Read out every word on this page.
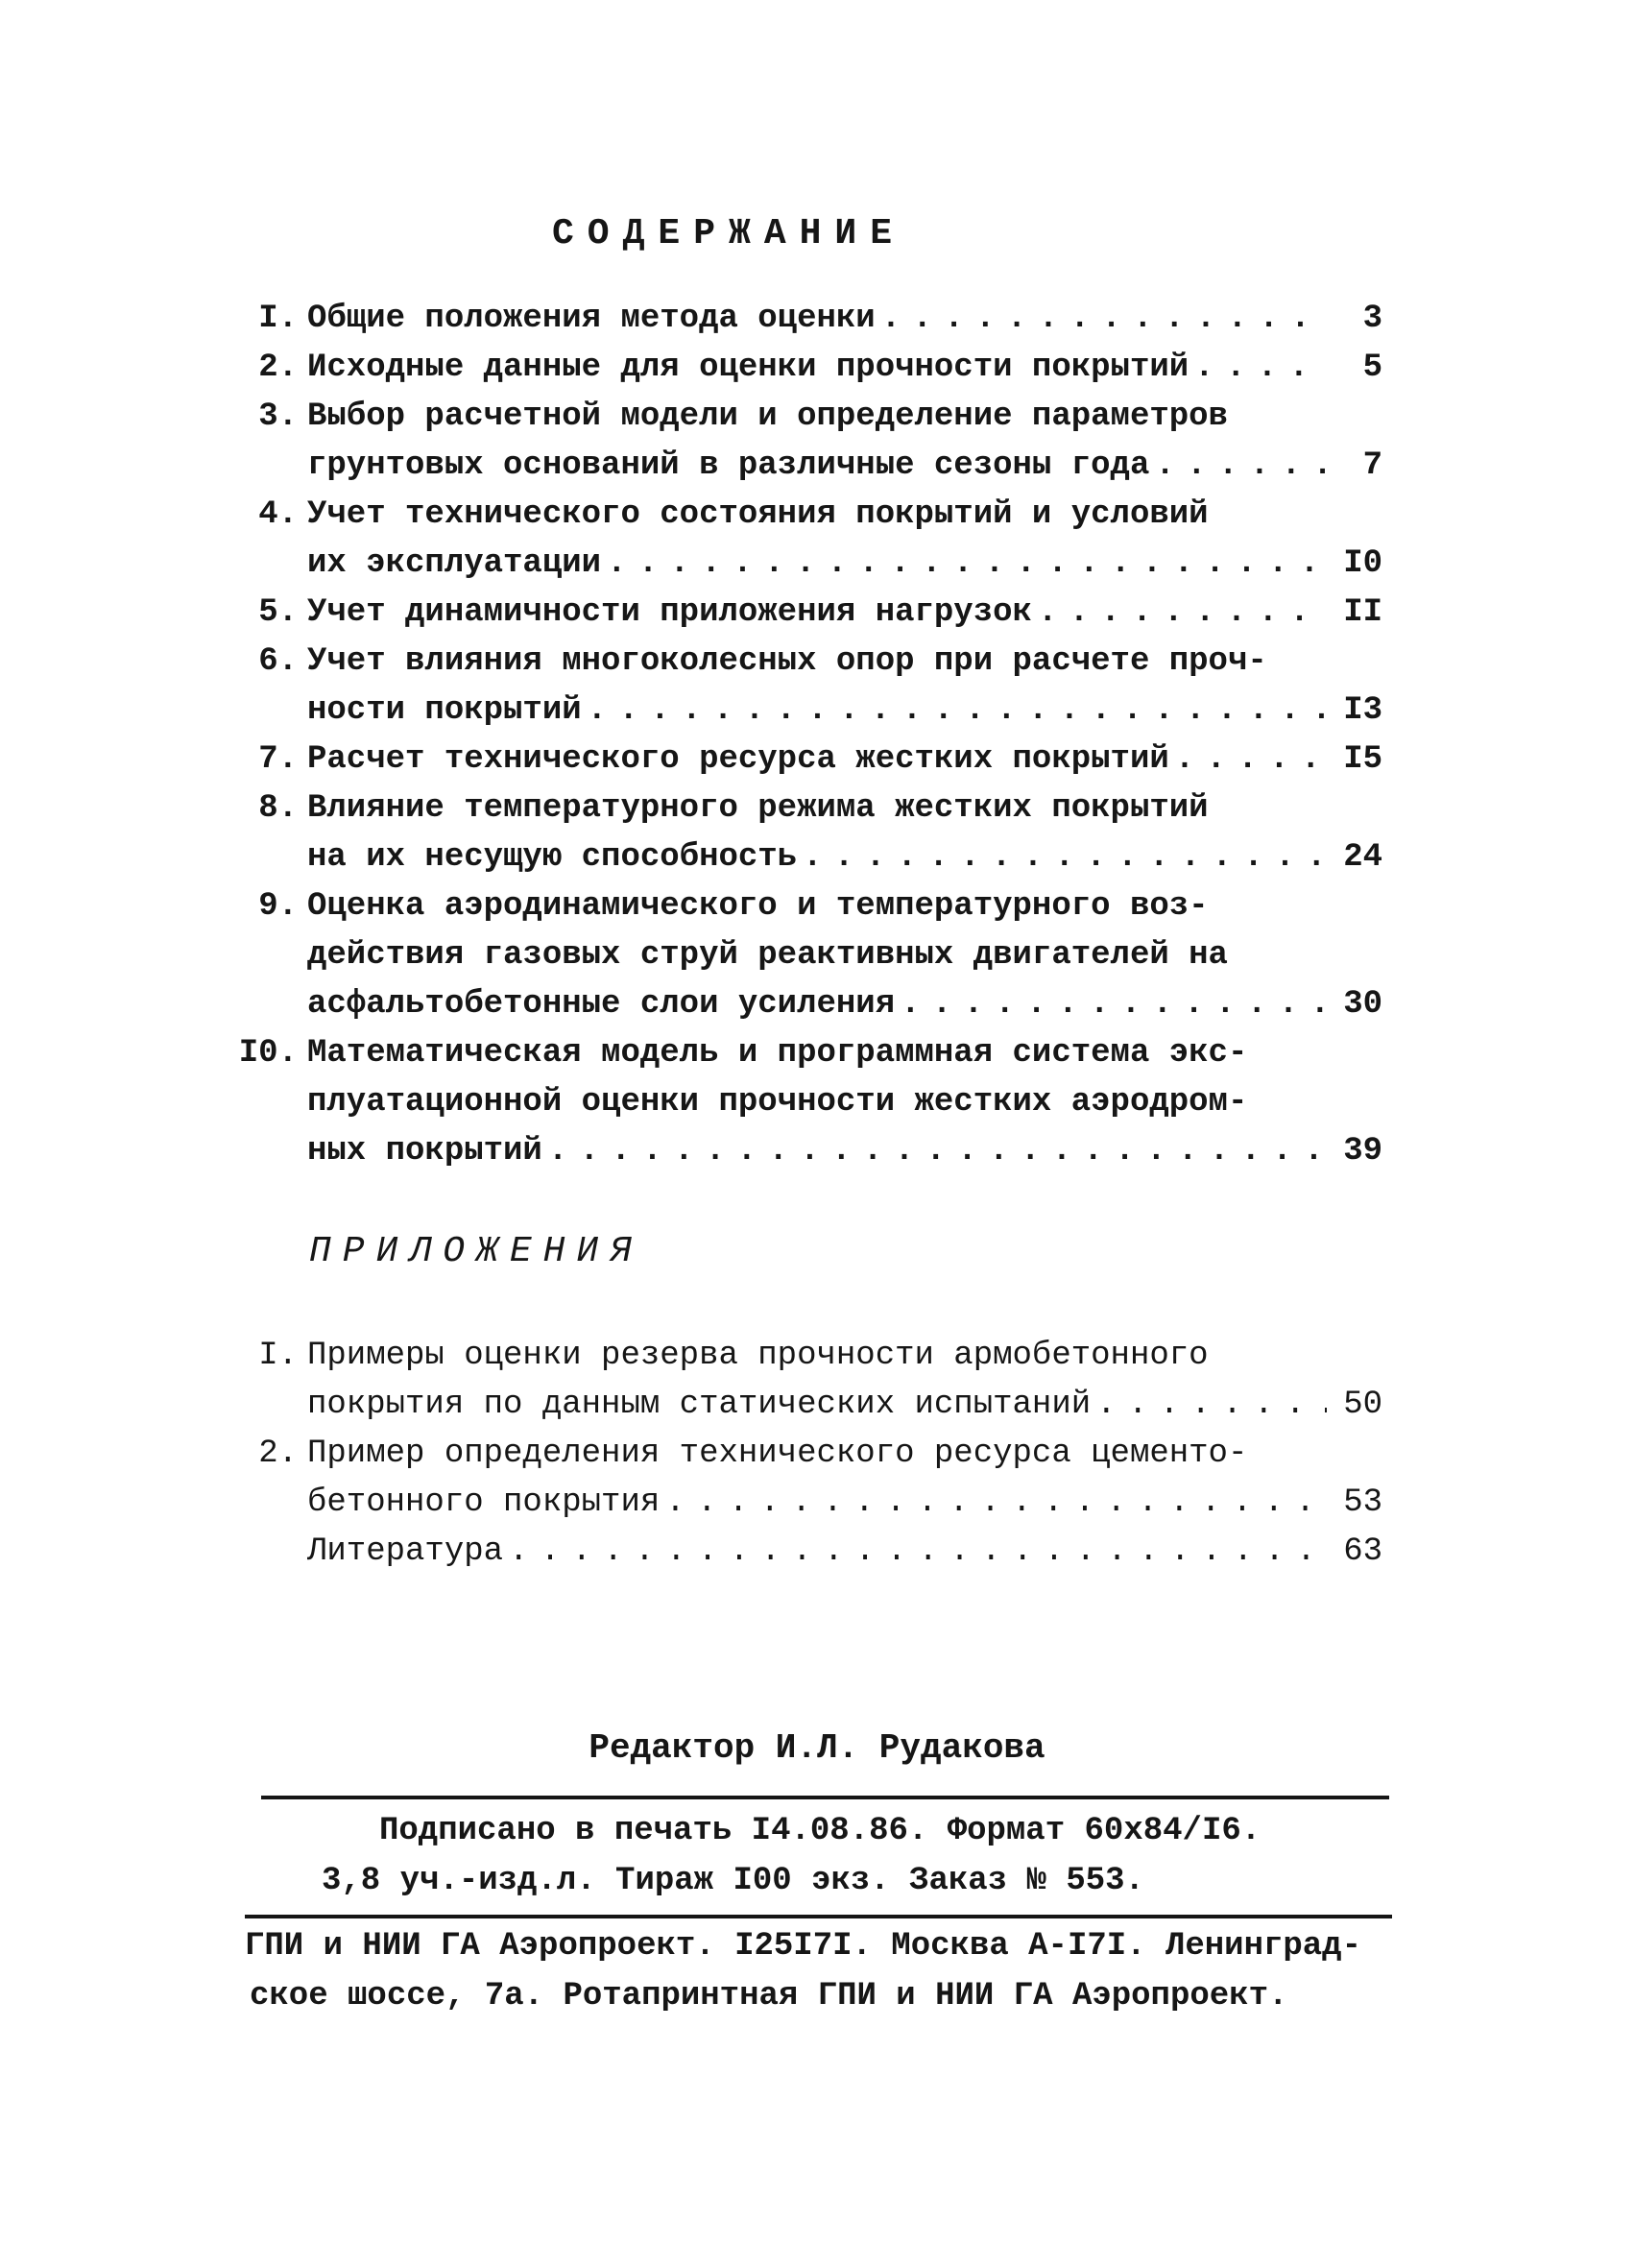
СОДЕРЖАНИЕ
I. Общие положения метода оценки . . .	3
2. Исходные данные для оценки прочности покрытий . . .	5
3. Выбор расчетной модели и определение параметров
грунтовых оснований в различные сезоны года . . .	7
4. Учет технического состояния покрытий и условий
их эксплуатации . . .	I0
5. Учет динамичности приложения нагрузок . . .	II
6. Учет влияния многоколесных опор при расчете проч-
ности покрытий . . .	I3
7. Расчет технического ресурса жестких покрытий . . .	I5
8. Влияние температурного режима жестких покрытий
на их несущую способность . . .	24
9. Оценка аэродинамического и температурного воз-
действия газовых струй реактивных двигателей на
асфальтобетонные слои усиления . . .	30
I0. Математическая модель и программная система экс-
плуатационной оценки прочности жестких аэродром-
ных покрытий . . .	39
ПРИЛОЖЕНИЯ
I. Примеры оценки резерва прочности армобетонного
покрытия по данным статических испытаний . . .	50
2. Пример определения технического ресурса цементо-
бетонного покрытия . . .	53
Литература . . .	63
Редактор И.Л. Рудакова
Подписано в печать I4.08.86. Формат 60х84/I6.
3,8 уч.-изд.л. Тираж I00 экз. Заказ № 553.
ГПИ и НИИ ГА Аэропроект. I25I7I. Москва А-I7I. Ленинград-
ское шоссе, 7а. Ротапринтная ГПИ и НИИ ГА Аэропроект.
